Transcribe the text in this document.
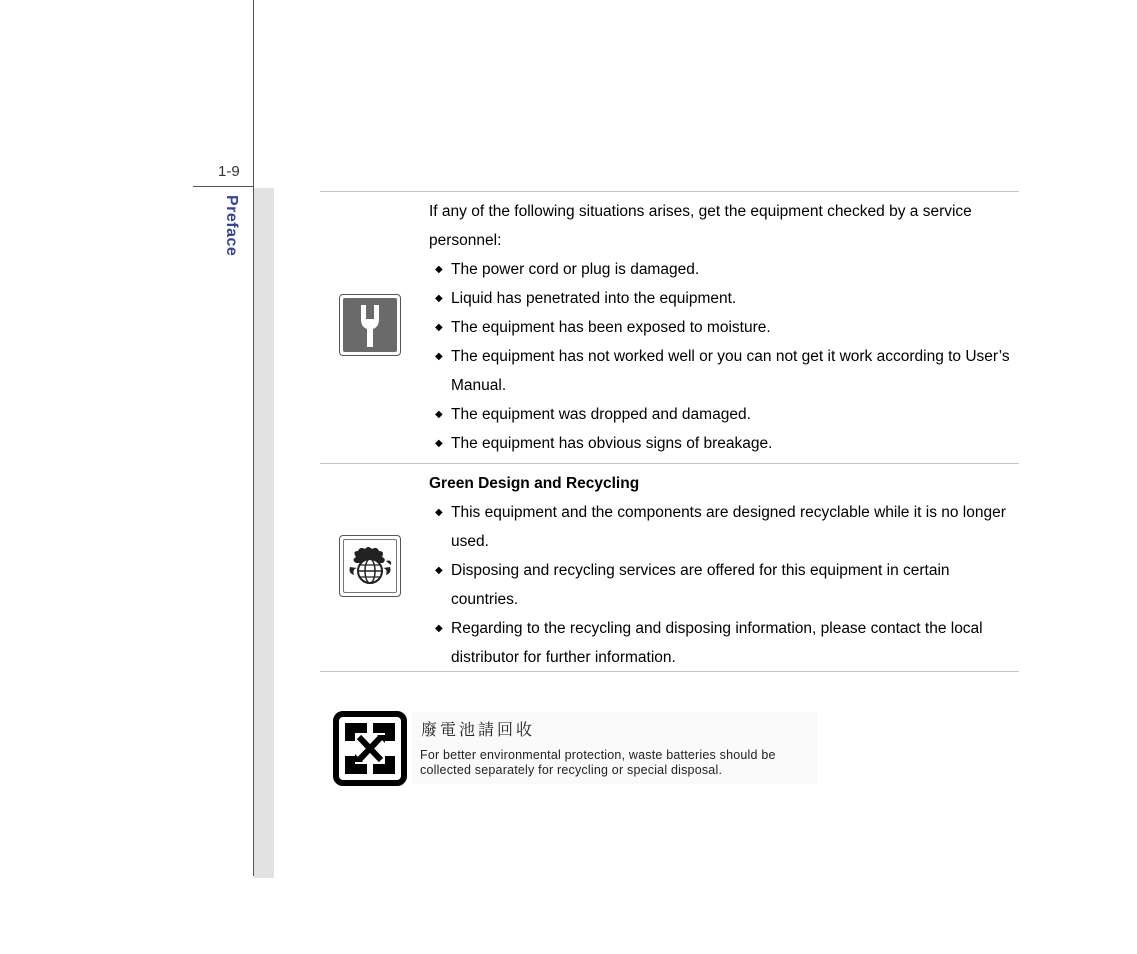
1-9
Preface	If any of the following situations arises, get the equipment checked by a service personnel:

◆ The power cord or plug is damaged.
◆ Liquid has penetrated into the equipment.
◆ The equipment has been exposed to moisture.
◆ The equipment has not worked well or you can not get it work according to User’s Manual.
◆ The equipment was dropped and damaged.
◆ The equipment has obvious signs of breakage.
Green Design and Recycling
◆ This equipment and the components are designed recyclable while it is no longer used.
◆ Disposing and recycling services are offered for this equipment in certain countries.
◆ Regarding to the recycling and disposing information, please contact the local distributor for further information.
廢電池請回收
For better environmental protection, waste batteries should be collected separately for recycling or special disposal.
